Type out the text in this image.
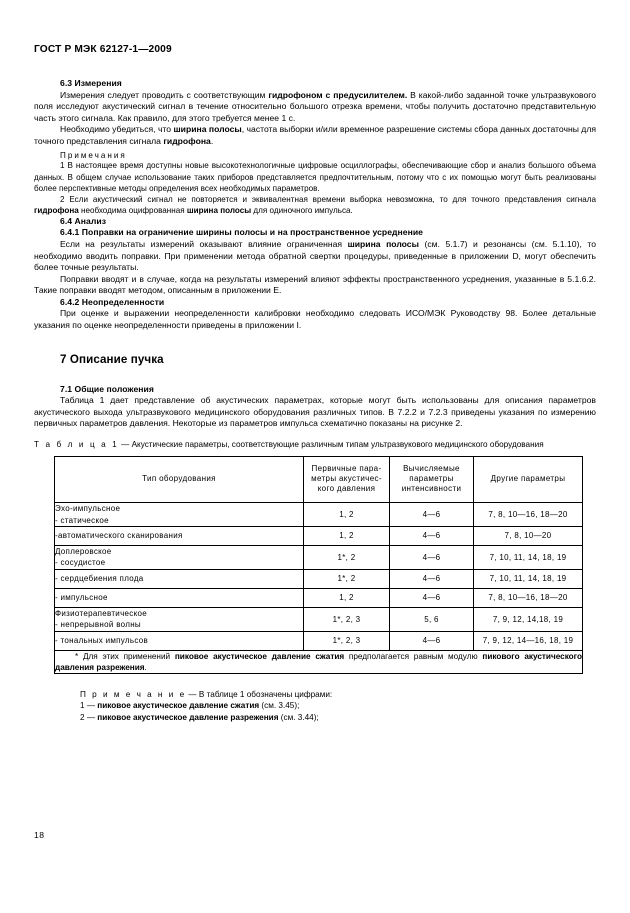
ГОСТ Р МЭК 62127-1—2009
6.3 Измерения

Измерения следует проводить с соответствующим гидрофоном с предусилителем. В какой-либо заданной точке ультразвукового поля исследуют акустический сигнал в течение относительно большого отрезка времени, чтобы получить достаточно представительную часть этого сигнала. Как правило, для этого требуется менее 1 с.

Необходимо убедиться, что ширина полосы, частота выборки и/или временное разрешение системы сбора данных достаточны для точного представления сигнала гидрофона.

Примечания

1 В настоящее время доступны новые высокотехнологичные цифровые осциллографы, обеспечивающие сбор и анализ большого объема данных. В общем случае использование таких приборов представляется предпочтительным, потому что с их помощью могут быть реализованы более перспективные методы определения всех необходимых параметров.

2 Если акустический сигнал не повторяется и эквивалентная времени выборка невозможна, то для точного представления сигнала гидрофона необходима оцифрованная ширина полосы для одиночного импульса.

6.4 Анализ
6.4.1 Поправки на ограничение ширины полосы и на пространственное усреднение

Если на результаты измерений оказывают влияние ограниченная ширина полосы (см. 5.1.7) и резонансы (см. 5.1.10), то необходимо вводить поправки. При применении метода обратной свертки процедуры, приведенные в приложении D, могут обеспечить более точные результаты.

Поправки вводят и в случае, когда на результаты измерений влияют эффекты пространственного усреднения, указанные в 5.1.6.2. Такие поправки вводят методом, описанным в приложении E.

6.4.2 Неопределенности

При оценке и выражении неопределенности калибровки необходимо следовать ИСО/МЭК Руководству 98. Более детальные указания по оценке неопределенности приведены в приложении I.

7 Описание пучка
7.1 Общие положения

Таблица 1 дает представление об акустических параметрах, которые могут быть использованы для описания параметров акустического выхода ультразвукового медицинского оборудования различных типов. В 7.2.2 и 7.2.3 приведены указания по измерению первичных параметров давления. Некоторые из параметров импульса схематично показаны на рисунке 2.

Т а б л и ц а 1 — Акустические параметры, соответствующие различным типам ультразвукового медицинского оборудования
Тип оборудования	Первичные пара-
метры акустичес-
кого давления	Вычисляемые
параметры
интенсивности	Другие параметры

Эхо-импульсное
- статическое	1, 2	4—6	7, 8, 10—16, 18—20

-автоматического сканирования	1, 2	4—6	7, 8, 10—20

Доплеровское
- сосудистое	1*, 2	4—6	7, 10, 11, 14, 18, 19

- сердцебиения плода	1*, 2	4—6	7, 10, 11, 14, 18, 19

- импульсное	1, 2	4—6	7, 8, 10—16, 18—20

Физиотерапевтическое
- непрерывной волны	1*, 2, 3	5, 6	7, 9, 12, 14,18, 19

- тональных импульсов	1*, 2, 3	4—6	7, 9, 12, 14—16, 18, 19

* Для этих применений пиковое акустическое давление сжатия предполагается равным модулю пикового акустического давления разрежения.			
П р и м е ч а н и е — В таблице 1 обозначены цифрами:
1 — пиковое акустическое давление сжатия (см. 3.45);
2 — пиковое акустическое давление разрежения (см. 3.44);
18
